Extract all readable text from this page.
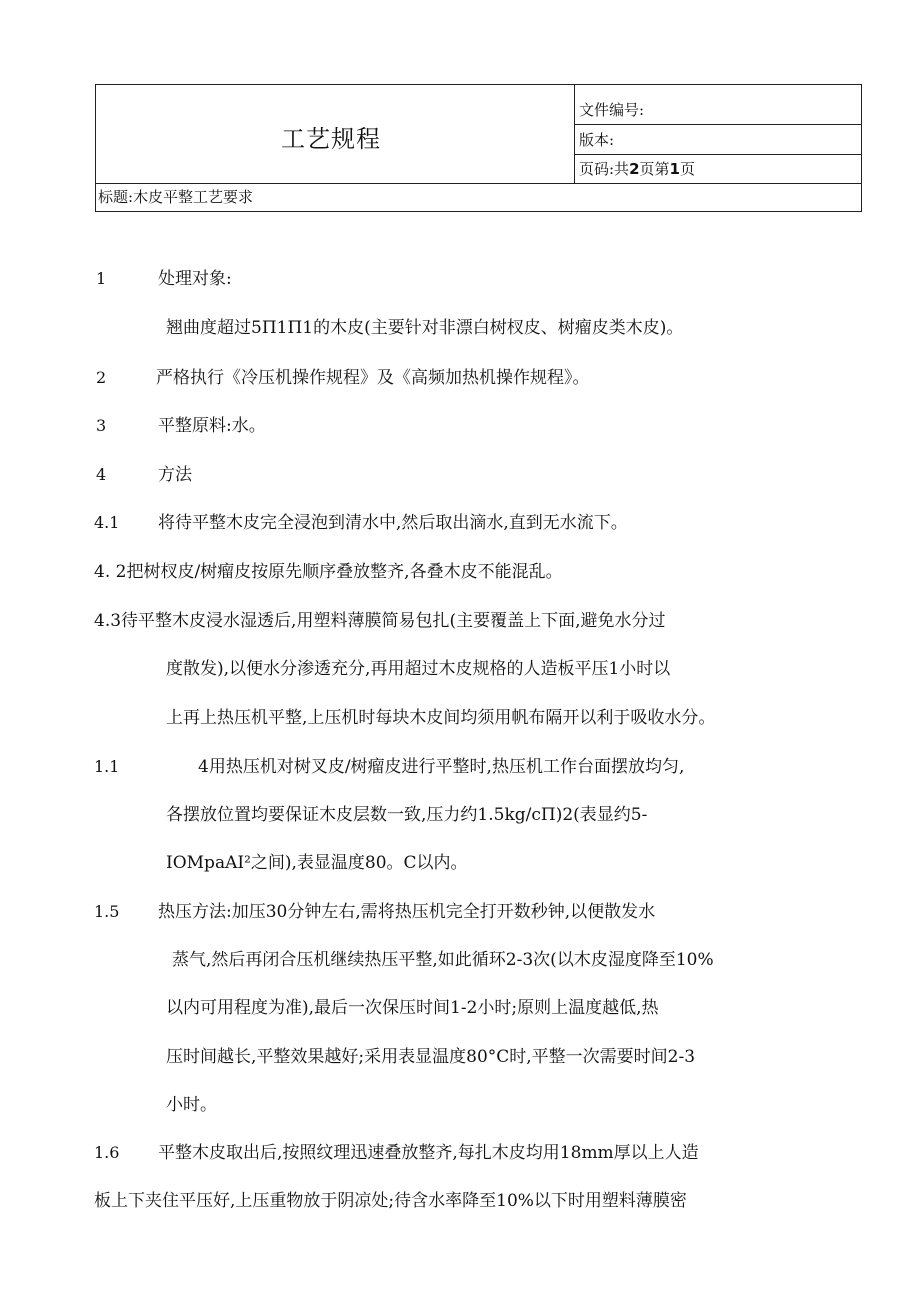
工艺规程
文件编号:
版本:
页码:共2页第1页
标题:木皮平整工艺要求
1	处理对象:
翘曲度超过5Π1Π1的木皮(主要针对非漂白树杈皮、树瘤皮类木皮)。
2	严格执行《冷压机操作规程》及《高频加热机操作规程》。
3	平整原料:水。
4	方法
4.1 将待平整木皮完全浸泡到清水中,然后取出滴水,直到无水流下。
4. 2把树杈皮/树瘤皮按原先顺序叠放整齐,各叠木皮不能混乱。
4.3待平整木皮浸水湿透后,用塑料薄膜简易包扎(主要覆盖上下面,避免水分过
度散发),以便水分渗透充分,再用超过木皮规格的人造板平压1小时以
上再上热压机平整,上压机时每块木皮间均须用帆布隔开以利于吸收水分。
1.1	4用热压机对树叉皮/树瘤皮进行平整时,热压机工作台面摆放均匀,
各摆放位置均要保证木皮层数一致,压力约1.5kg/cΠ)2(表显约5-
IOMpaAI²之间),表显温度80。C以内。
1.5 热压方法:加压30分钟左右,需将热压机完全打开数秒钟,以便散发水
蒸气,然后再闭合压机继续热压平整,如此循环2-3次(以木皮湿度降至10%
以内可用程度为准),最后一次保压时间1-2小时;原则上温度越低,热
压时间越长,平整效果越好;采用表显温度80°C时,平整一次需要时间2-3
小时。
1.6 平整木皮取出后,按照纹理迅速叠放整齐,每扎木皮均用18mm厚以上人造
板上下夹住平压好,上压重物放于阴凉处;待含水率降至10%以下时用塑料薄膜密
